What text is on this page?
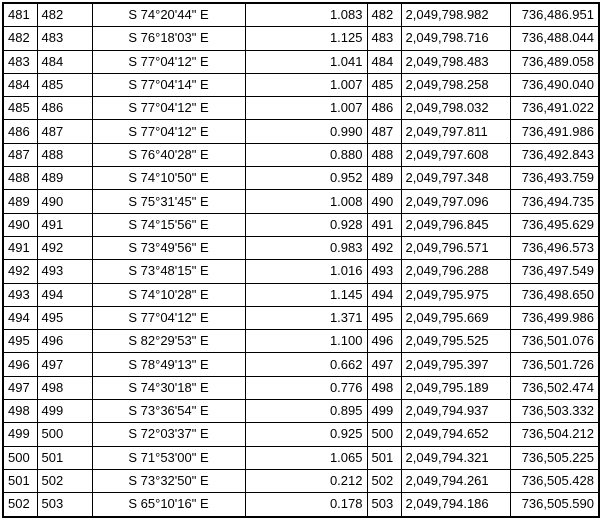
481	482	S 74°20'44" E	1.083	482	2,049,798.982	736,486.951
482	483	S 76°18'03" E	1.125	483	2,049,798.716	736,488.044
483	484	S 77°04'12" E	1.041	484	2,049,798.483	736,489.058
484	485	S 77°04'14" E	1.007	485	2,049,798.258	736,490.040
485	486	S 77°04'12" E	1.007	486	2,049,798.032	736,491.022
486	487	S 77°04'12" E	0.990	487	2,049,797.811	736,491.986
487	488	S 76°40'28" E	0.880	488	2,049,797.608	736,492.843
488	489	S 74°10'50" E	0.952	489	2,049,797.348	736,493.759
489	490	S 75°31'45" E	1.008	490	2,049,797.096	736,494.735
490	491	S 74°15'56" E	0.928	491	2,049,796.845	736,495.629
491	492	S 73°49'56" E	0.983	492	2,049,796.571	736,496.573
492	493	S 73°48'15" E	1.016	493	2,049,796.288	736,497.549
493	494	S 74°10'28" E	1.145	494	2,049,795.975	736,498.650
494	495	S 77°04'12" E	1.371	495	2,049,795.669	736,499.986
495	496	S 82°29'53" E	1.100	496	2,049,795.525	736,501.076
496	497	S 78°49'13" E	0.662	497	2,049,795.397	736,501.726
497	498	S 74°30'18" E	0.776	498	2,049,795.189	736,502.474
498	499	S 73°36'54" E	0.895	499	2,049,794.937	736,503.332
499	500	S 72°03'37" E	0.925	500	2,049,794.652	736,504.212
500	501	S 71°53'00" E	1.065	501	2,049,794.321	736,505.225
501	502	S 73°32'50" E	0.212	502	2,049,794.261	736,505.428
502	503	S 65°10'16" E	0.178	503	2,049,794.186	736,505.590
